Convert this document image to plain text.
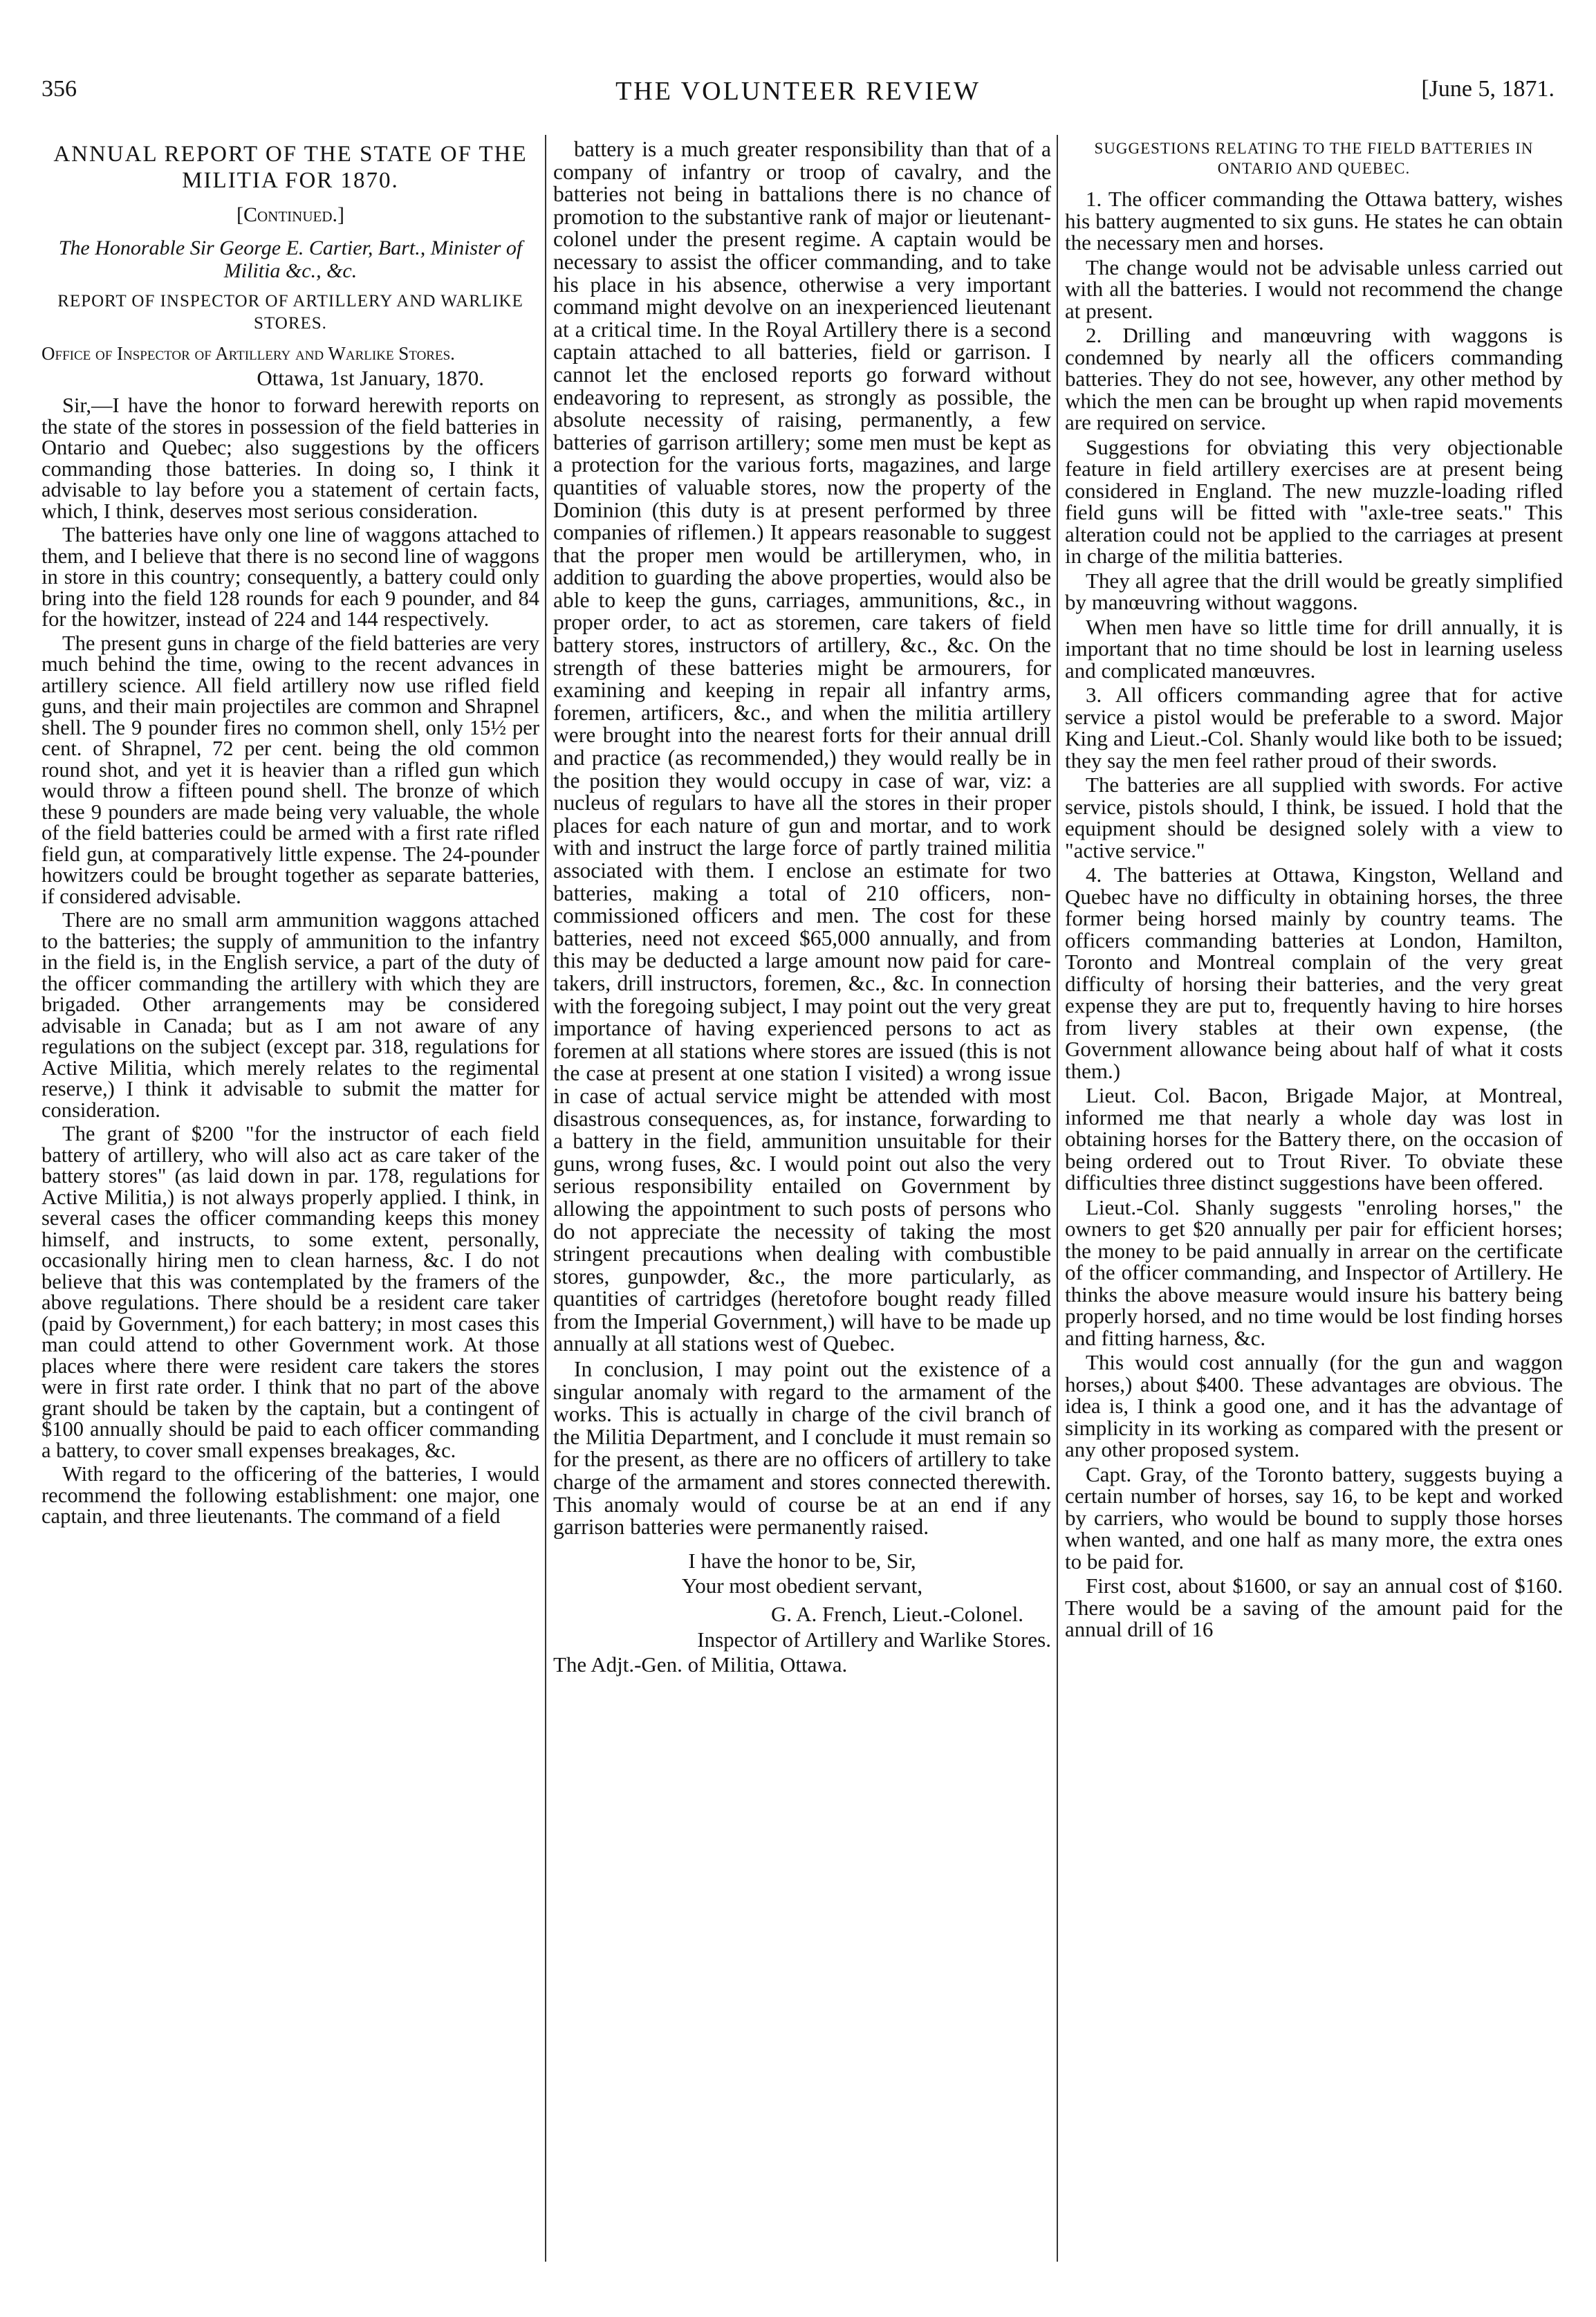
356	THE VOLUNTEER REVIEW	[June 5, 1871.
ANNUAL REPORT OF THE STATE OF THE MILITIA FOR 1870.
[Continued.]
The Honorable Sir George E. Cartier, Bart., Minister of Militia &c., &c.
REPORT OF INSPECTOR OF ARTILLERY AND WARLIKE STORES.
Office of Inspector of Artillery and Warlike Stores.
Ottawa, 1st January, 1870.

Sir,—I have the honor to forward herewith reports on the state of the stores in possession of the field batteries in Ontario and Quebec; also suggestions by the officers commanding those batteries. In doing so, I think it advisable to lay before you a statement of certain facts, which, I think, deserves most serious consideration.

The batteries have only one line of waggons attached to them, and I believe that there is no second line of waggons in store in this country; consequently, a battery could only bring into the field 128 rounds for each 9 pounder, and 84 for the howitzer, instead of 224 and 144 respectively.

The present guns in charge of the field batteries are very much behind the time, owing to the recent advances in artillery science. All field artillery now use rifled field guns, and their main projectiles are common and Shrapnel shell. The 9 pounder fires no common shell, only 15½ per cent. of Shrapnel, 72 per cent. being the old common round shot, and yet it is heavier than a rifled gun which would throw a fifteen pound shell. The bronze of which these 9 pounders are made being very valuable, the whole of the field batteries could be armed with a first rate rifled field gun, at comparatively little expense. The 24-pounder howitzers could be brought together as separate batteries, if considered advisable.

There are no small arm ammunition waggons attached to the batteries; the supply of ammunition to the infantry in the field is, in the English service, a part of the duty of the officer commanding the artillery with which they are brigaded. Other arrangements may be considered advisable in Canada; but as I am not aware of any regulations on the subject (except par. 318, regulations for Active Militia, which merely relates to the regimental reserve,) I think it advisable to submit the matter for consideration.

The grant of $200 "for the instructor of each field battery of artillery, who will also act as care taker of the battery stores" (as laid down in par. 178, regulations for Active Militia,) is not always properly applied. I think, in several cases the officer commanding keeps this money himself, and instructs, to some extent, personally, occasionally hiring men to clean harness, &c. I do not believe that this was contemplated by the framers of the above regulations. There should be a resident care taker (paid by Government,) for each battery; in most cases this man could attend to other Government work. At those places where there were resident care takers the stores were in first rate order. I think that no part of the above grant should be taken by the captain, but a contingent of $100 annually should be paid to each officer commanding a battery, to cover small expenses breakages, &c.

With regard to the officering of the batteries, I would recommend the following establishment: one major, one captain, and three lieutenants. The command of a field

battery is a much greater responsibility than that of a company of infantry or troop of cavalry, and the batteries not being in battalions there is no chance of promotion to the substantive rank of major or lieutenant-colonel under the present regime. A captain would be necessary to assist the officer commanding, and to take his place in his absence, otherwise a very important command might devolve on an inexperienced lieutenant at a critical time. In the Royal Artillery there is a second captain attached to all batteries, field or garrison. I cannot let the enclosed reports go forward without endeavoring to represent, as strongly as possible, the absolute necessity of raising, permanently, a few batteries of garrison artillery; some men must be kept as a protection for the various forts, magazines, and large quantities of valuable stores, now the property of the Dominion (this duty is at present performed by three companies of riflemen.) It appears reasonable to suggest that the proper men would be artillerymen, who, in addition to guarding the above properties, would also be able to keep the guns, carriages, ammunitions, &c., in proper order, to act as storemen, care takers of field battery stores, instructors of artillery, &c., &c. On the strength of these batteries might be armourers, for examining and keeping in repair all infantry arms, foremen, artificers, &c., and when the militia artillery were brought into the nearest forts for their annual drill and practice (as recommended,) they would really be in the position they would occupy in case of war, viz: a nucleus of regulars to have all the stores in their proper places for each nature of gun and mortar, and to work with and instruct the large force of partly trained militia associated with them. I enclose an estimate for two batteries, making a total of 210 officers, non-commissioned officers and men. The cost for these batteries, need not exceed $65,000 annually, and from this may be deducted a large amount now paid for care-takers, drill instructors, foremen, &c., &c. In connection with the foregoing subject, I may point out the very great importance of having experienced persons to act as foremen at all stations where stores are issued (this is not the case at present at one station I visited) a wrong issue in case of actual service might be attended with most disastrous consequences, as, for instance, forwarding to a battery in the field, ammunition unsuitable for their guns, wrong fuses, &c. I would point out also the very serious responsibility entailed on Government by allowing the appointment to such posts of persons who do not appreciate the necessity of taking the most stringent precautions when dealing with combustible stores, gunpowder, &c., the more particularly, as quantities of cartridges (heretofore bought ready filled from the Imperial Government,) will have to be made up annually at all stations west of Quebec.

In conclusion, I may point out the existence of a singular anomaly with regard to the armament of the works. This is actually in charge of the civil branch of the Militia Department, and I conclude it must remain so for the present, as there are no officers of artillery to take charge of the armament and stores connected therewith. This anomaly would of course be at an end if any garrison batteries were permanently raised.

I have the honor to be, Sir,
Your most obedient servant,
G. A. French, Lieut.-Colonel.
Inspector of Artillery and Warlike Stores.
The Adjt.-Gen. of Militia, Ottawa.
SUGGESTIONS RELATING TO THE FIELD BATTERIES IN ONTARIO AND QUEBEC.

1. The officer commanding the Ottawa battery, wishes his battery augmented to six guns. He states he can obtain the necessary men and horses.

The change would not be advisable unless carried out with all the batteries. I would not recommend the change at present.

2. Drilling and manœuvring with waggons is condemned by nearly all the officers commanding batteries. They do not see, however, any other method by which the men can be brought up when rapid movements are required on service.

Suggestions for obviating this very objectionable feature in field artillery exercises are at present being considered in England. The new muzzle-loading rifled field guns will be fitted with "axle-tree seats." This alteration could not be applied to the carriages at present in charge of the militia batteries.

They all agree that the drill would be greatly simplified by manœuvring without waggons.

When men have so little time for drill annually, it is important that no time should be lost in learning useless and complicated manœuvres.

3. All officers commanding agree that for active service a pistol would be preferable to a sword. Major King and Lieut.-Col. Shanly would like both to be issued; they say the men feel rather proud of their swords.

The batteries are all supplied with swords. For active service, pistols should, I think, be issued. I hold that the equipment should be designed solely with a view to "active service."

4. The batteries at Ottawa, Kingston, Welland and Quebec have no difficulty in obtaining horses, the three former being horsed mainly by country teams. The officers commanding batteries at London, Hamilton, Toronto and Montreal complain of the very great difficulty of horsing their batteries, and the very great expense they are put to, frequently having to hire horses from livery stables at their own expense, (the Government allowance being about half of what it costs them.)

Lieut. Col. Bacon, Brigade Major, at Montreal, informed me that nearly a whole day was lost in obtaining horses for the Battery there, on the occasion of being ordered out to Trout River. To obviate these difficulties three distinct suggestions have been offered.

Lieut.-Col. Shanly suggests "enroling horses," the owners to get $20 annually per pair for efficient horses; the money to be paid annually in arrear on the certificate of the officer commanding, and Inspector of Artillery. He thinks the above measure would insure his battery being properly horsed, and no time would be lost finding horses and fitting harness, &c.

This would cost annually (for the gun and waggon horses,) about $400. These advantages are obvious. The idea is, I think a good one, and it has the advantage of simplicity in its working as compared with the present or any other proposed system.

Capt. Gray, of the Toronto battery, suggests buying a certain number of horses, say 16, to be kept and worked by carriers, who would be bound to supply those horses when wanted, and one half as many more, the extra ones to be paid for.

First cost, about $1600, or say an annual cost of $160. There would be a saving of the amount paid for the annual drill of 16
